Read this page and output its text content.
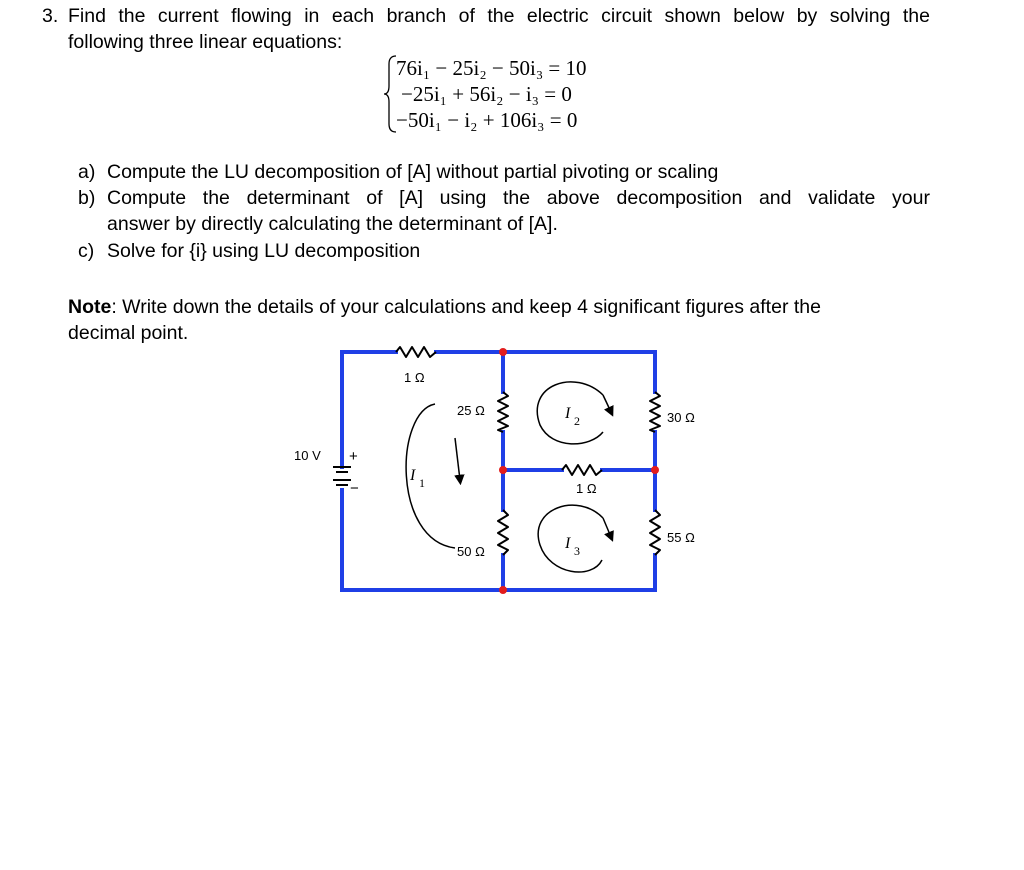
3. Find the current flowing in each branch of the electric circuit shown below by solving the
following three linear equations:
76i₁ − 25i₂ − 50i₃ = 10
−25i₁ + 56i₂ − i₃ = 0
−50i₁ − i₂ + 106i₃ = 0
a) Compute the LU decomposition of [A] without partial pivoting or scaling
b) Compute the determinant of [A] using the above decomposition and validate your
answer by directly calculating the determinant of [A].
c) Solve for {i} using LU decomposition
Note: Write down the details of your calculations and keep 4 significant figures after the
decimal point.
1 Ω
25 Ω	30 Ω
1 Ω
50 Ω
55 Ω
10 V +
−
I 1
I 2
I 3
